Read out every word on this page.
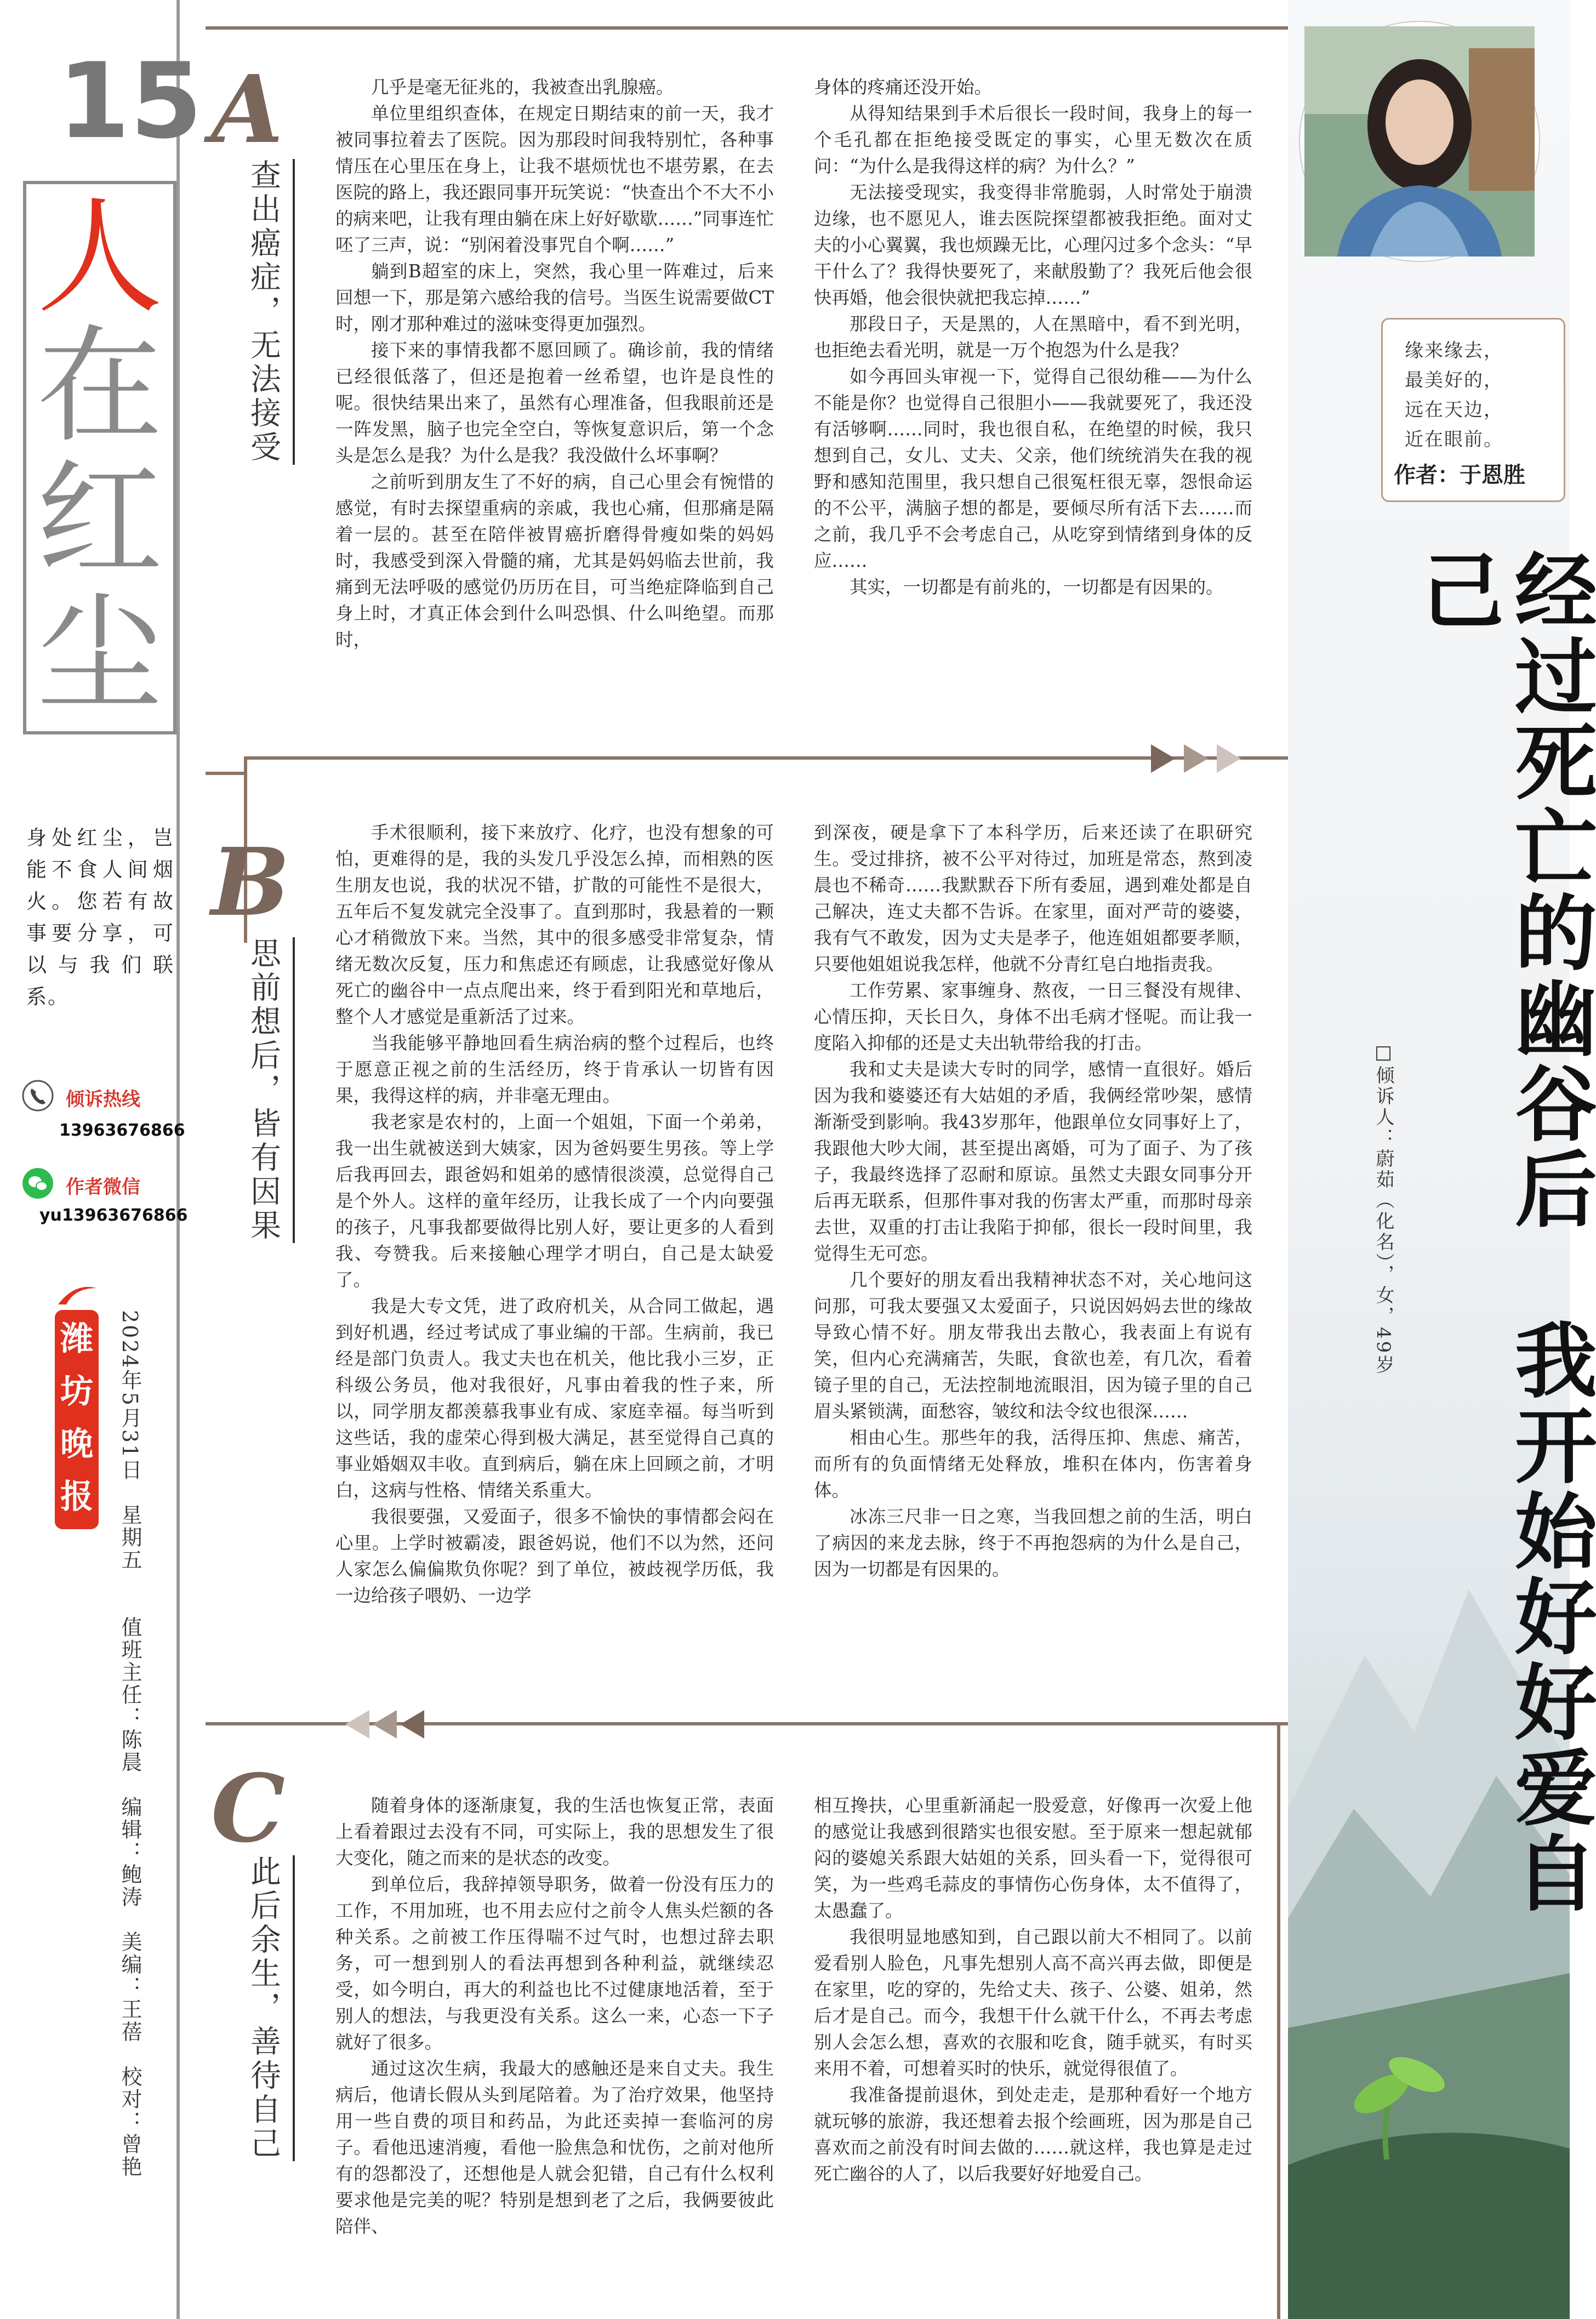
15
人
在
红
尘
身处红尘，岂能不食人间烟火。您若有故事要分享，可以与我们联系。
倾诉热线
13963676866
作者微信
yu13963676866
潍
坊
晚
报 2024年5月31日　星期五　　值班主任：陈晨　编辑：鲍涛　美编：王蓓　校对：曾艳
A
查出癌症，无法接受

几乎是毫无征兆的，我被查出乳腺癌。

单位里组织查体，在规定日期结束的前一天，我才被同事拉着去了医院。因为那段时间我特别忙，各种事情压在心里压在身上，让我不堪烦忧也不堪劳累，在去医院的路上，我还跟同事开玩笑说：“快查出个不大不小的病来吧，让我有理由躺在床上好好歇歇……”同事连忙呸了三声，说：“别闲着没事咒自个啊……”

躺到B超室的床上，突然，我心里一阵难过，后来回想一下，那是第六感给我的信号。当医生说需要做CT时，刚才那种难过的滋味变得更加强烈。

接下来的事情我都不愿回顾了。确诊前，我的情绪已经很低落了，但还是抱着一丝希望，也许是良性的呢。很快结果出来了，虽然有心理准备，但我眼前还是一阵发黑，脑子也完全空白，等恢复意识后，第一个念头是怎么是我？为什么是我？我没做什么坏事啊？

之前听到朋友生了不好的病，自己心里会有惋惜的感觉，有时去探望重病的亲戚，我也心痛，但那痛是隔着一层的。甚至在陪伴被胃癌折磨得骨瘦如柴的妈妈时，我感受到深入骨髓的痛，尤其是妈妈临去世前，我痛到无法呼吸的感觉仍历历在目，可当绝症降临到自己身上时，才真正体会到什么叫恐惧、什么叫绝望。而那时，

身体的疼痛还没开始。

从得知结果到手术后很长一段时间，我身上的每一个毛孔都在拒绝接受既定的事实，心里无数次在质问：“为什么是我得这样的病？为什么？”

无法接受现实，我变得非常脆弱，人时常处于崩溃边缘，也不愿见人，谁去医院探望都被我拒绝。面对丈夫的小心翼翼，我也烦躁无比，心理闪过多个念头：“早干什么了？我得快要死了，来献殷勤了？我死后他会很快再婚，他会很快就把我忘掉……”

那段日子，天是黑的，人在黑暗中，看不到光明，也拒绝去看光明，就是一万个抱怨为什么是我？

如今再回头审视一下，觉得自己很幼稚——为什么不能是你？也觉得自己很胆小——我就要死了，我还没有活够啊……同时，我也很自私，在绝望的时候，我只想到自己，女儿、丈夫、父亲，他们统统消失在我的视野和感知范围里，我只想自己很冤枉很无辜，怨恨命运的不公平，满脑子想的都是，要倾尽所有活下去……而之前，我几乎不会考虑自己，从吃穿到情绪到身体的反应……

其实，一切都是有前兆的，一切都是有因果的。

B
思前想后，皆有因果

手术很顺利，接下来放疗、化疗，也没有想象的可怕，更难得的是，我的头发几乎没怎么掉，而相熟的医生朋友也说，我的状况不错，扩散的可能性不是很大，五年后不复发就完全没事了。直到那时，我悬着的一颗心才稍微放下来。当然，其中的很多感受非常复杂，情绪无数次反复，压力和焦虑还有顾虑，让我感觉好像从死亡的幽谷中一点点爬出来，终于看到阳光和草地后，整个人才感觉是重新活了过来。

当我能够平静地回看生病治病的整个过程后，也终于愿意正视之前的生活经历，终于肯承认一切皆有因果，我得这样的病，并非毫无理由。

我老家是农村的，上面一个姐姐，下面一个弟弟，我一出生就被送到大姨家，因为爸妈要生男孩。等上学后我再回去，跟爸妈和姐弟的感情很淡漠，总觉得自己是个外人。这样的童年经历，让我长成了一个内向要强的孩子，凡事我都要做得比别人好，要让更多的人看到我、夸赞我。后来接触心理学才明白，自己是太缺爱了。

我是大专文凭，进了政府机关，从合同工做起，遇到好机遇，经过考试成了事业编的干部。生病前，我已经是部门负责人。我丈夫也在机关，他比我小三岁，正科级公务员，他对我很好，凡事由着我的性子来，所以，同学朋友都羡慕我事业有成、家庭幸福。每当听到这些话，我的虚荣心得到极大满足，甚至觉得自己真的事业婚姻双丰收。直到病后，躺在床上回顾之前，才明白，这病与性格、情绪关系重大。

我很要强，又爱面子，很多不愉快的事情都会闷在心里。上学时被霸凌，跟爸妈说，他们不以为然，还问人家怎么偏偏欺负你呢？到了单位，被歧视学历低，我一边给孩子喂奶、一边学

到深夜，硬是拿下了本科学历，后来还读了在职研究生。受过排挤，被不公平对待过，加班是常态，熬到凌晨也不稀奇……我默默吞下所有委屈，遇到难处都是自己解决，连丈夫都不告诉。在家里，面对严苛的婆婆，我有气不敢发，因为丈夫是孝子，他连姐姐都要孝顺，只要他姐姐说我怎样，他就不分青红皂白地指责我。

工作劳累、家事缠身、熬夜，一日三餐没有规律、心情压抑，天长日久，身体不出毛病才怪呢。而让我一度陷入抑郁的还是丈夫出轨带给我的打击。

我和丈夫是读大专时的同学，感情一直很好。婚后因为我和婆婆还有大姑姐的矛盾，我俩经常吵架，感情渐渐受到影响。我43岁那年，他跟单位女同事好上了，我跟他大吵大闹，甚至提出离婚，可为了面子、为了孩子，我最终选择了忍耐和原谅。虽然丈夫跟女同事分开后再无联系，但那件事对我的伤害太严重，而那时母亲去世，双重的打击让我陷于抑郁，很长一段时间里，我觉得生无可恋。

几个要好的朋友看出我精神状态不对，关心地问这问那，可我太要强又太爱面子，只说因妈妈去世的缘故导致心情不好。朋友带我出去散心，我表面上有说有笑，但内心充满痛苦，失眠，食欲也差，有几次，看着镜子里的自己，无法控制地流眼泪，因为镜子里的自己眉头紧锁满，面愁容，皱纹和法令纹也很深……

相由心生。那些年的我，活得压抑、焦虑、痛苦，而所有的负面情绪无处释放，堆积在体内，伤害着身体。

冰冻三尺非一日之寒，当我回想之前的生活，明白了病因的来龙去脉，终于不再抱怨病的为什么是自己，因为一切都是有因果的。

C
此后余生，善待自己

随着身体的逐渐康复，我的生活也恢复正常，表面上看着跟过去没有不同，可实际上，我的思想发生了很大变化，随之而来的是状态的改变。

到单位后，我辞掉领导职务，做着一份没有压力的工作，不用加班，也不用去应付之前令人焦头烂额的各种关系。之前被工作压得喘不过气时，也想过辞去职务，可一想到别人的看法再想到各种利益，就继续忍受，如今明白，再大的利益也比不过健康地活着，至于别人的想法，与我更没有关系。这么一来，心态一下子就好了很多。

通过这次生病，我最大的感触还是来自丈夫。我生病后，他请长假从头到尾陪着。为了治疗效果，他坚持用一些自费的项目和药品，为此还卖掉一套临河的房子。看他迅速消瘦，看他一脸焦急和忧伤，之前对他所有的怨都没了，还想他是人就会犯错，自己有什么权利要求他是完美的呢？特别是想到老了之后，我俩要彼此陪伴、

相互搀扶，心里重新涌起一股爱意，好像再一次爱上他的感觉让我感到很踏实也很安慰。至于原来一想起就郁闷的婆媳关系跟大姑姐的关系，回头看一下，觉得很可笑，为一些鸡毛蒜皮的事情伤心伤身体，太不值得了，太愚蠢了。

我很明显地感知到，自己跟以前大不相同了。以前爱看别人脸色，凡事先想别人高不高兴再去做，即便是在家里，吃的穿的，先给丈夫、孩子、公婆、姐弟，然后才是自己。而今，我想干什么就干什么，不再去考虑别人会怎么想，喜欢的衣服和吃食，随手就买，有时买来用不着，可想着买时的快乐，就觉得很值了。

我准备提前退休，到处走走，是那种看好一个地方就玩够的旅游，我还想着去报个绘画班，因为那是自己喜欢而之前没有时间去做的……就这样，我也算是走过死亡幽谷的人了，以后我要好好地爱自己。

缘来缘去，
最美好的，
远在天边，
近在眼前。
作者：于恩胜
经过死亡的幽谷后　我开始好好爱自己
□倾诉人：蔚茹（化名），女，49岁
